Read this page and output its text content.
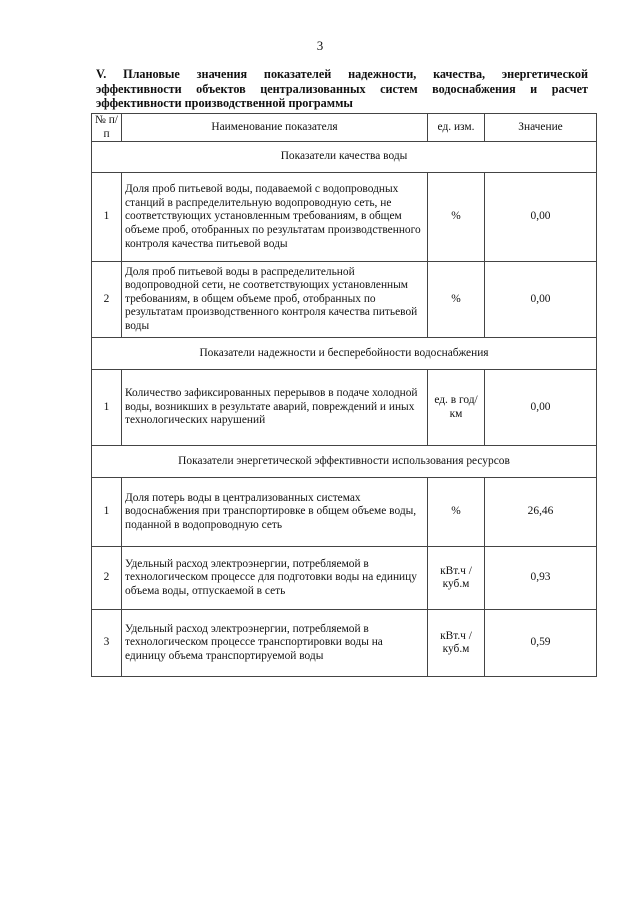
3
V. Плановые значения показателей надежности, качества, энергетической эффективности объектов централизованных систем водоснабжения и расчет эффективности производственной программы
№ п/п	Наименование показателя	ед. изм.	Значение
Показатели качества воды			
1	Доля проб питьевой воды, подаваемой с водопроводных станций в распределительную водопроводную сеть, не соответствующих установленным требованиям, в общем объеме проб, отобранных по результатам производственного контроля качества питьевой воды	%	0,00
2	Доля проб питьевой воды в распределительной водопроводной сети, не соответствующих установленным требованиям, в общем объеме проб, отобранных по результатам производственного контроля качества питьевой воды	%	0,00
Показатели надежности и бесперебойности водоснабжения			
1	Количество зафиксированных перерывов в подаче холодной воды, возникших в результате аварий, повреждений и иных технологических нарушений	ед. в год/ км	0,00
Показатели энергетической эффективности использования ресурсов			
1	Доля потерь воды в централизованных системах водоснабжения при транспортировке в общем объеме воды, поданной в водопроводную сеть	%	26,46
2	Удельный расход электроэнергии, потребляемой в технологическом процессе для подготовки воды на единицу объема воды, отпускаемой в сеть	кВт.ч / куб.м	0,93
3	Удельный расход электроэнергии, потребляемой в технологическом процессе транспортировки воды на единицу объема транспортируемой воды	кВт.ч / куб.м	0,59
